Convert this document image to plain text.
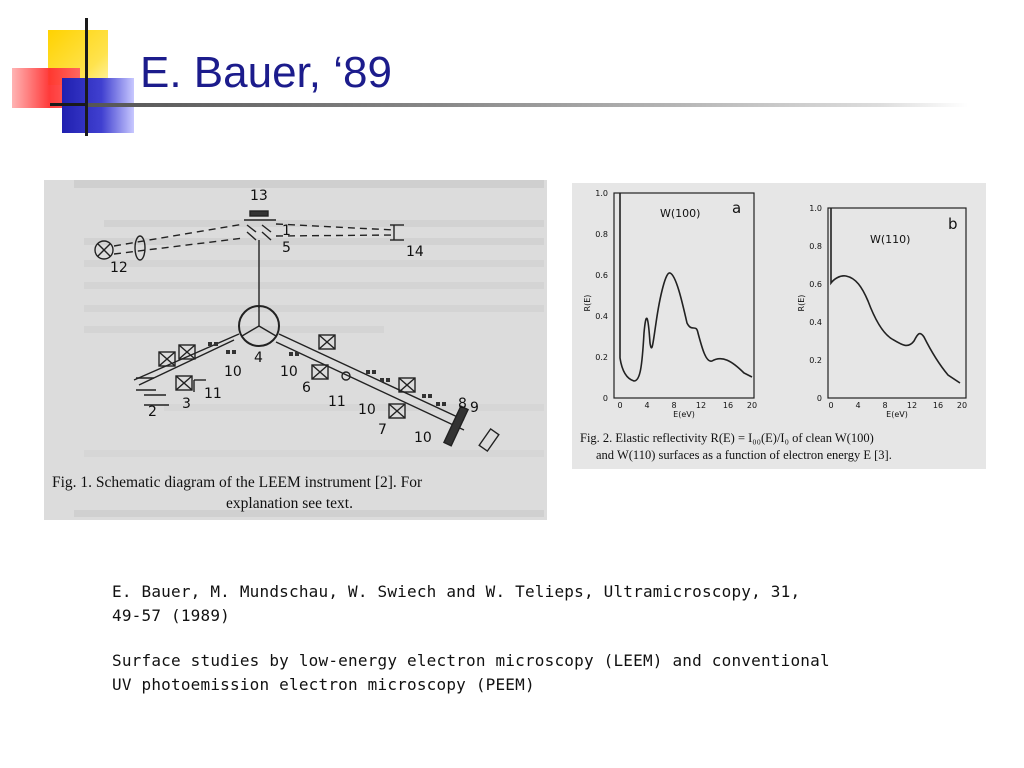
E. Bauer, ‘89
13
1
5
12
14
4
10	10
6
11
3
2
11 10
7
8 9
10
Fig. 1. Schematic diagram of the LEEM instrument [2]. For
explanation see text.
0
0.2
0.4
0.6
0.8
1.0
0	4	8 12 16 20
E(eV)
R(E)
W(100) a
0
0.2
0.4
0.6
0.8
1.0
0	4	8 12 16 20
E(eV)
R(E)
W(110)
b
Fig. 2. Elastic reflectivity R(E) = I₀₀(E)/I₀ of clean W(100)
and W(110) surfaces as a function of electron energy E [3].
E. Bauer, M. Mundschau, W. Swiech and W. Telieps, Ultramicroscopy, 31,
49-57 (1989)
Surface studies by low-energy electron microscopy (LEEM) and conventional
UV photoemission electron microscopy (PEEM)
